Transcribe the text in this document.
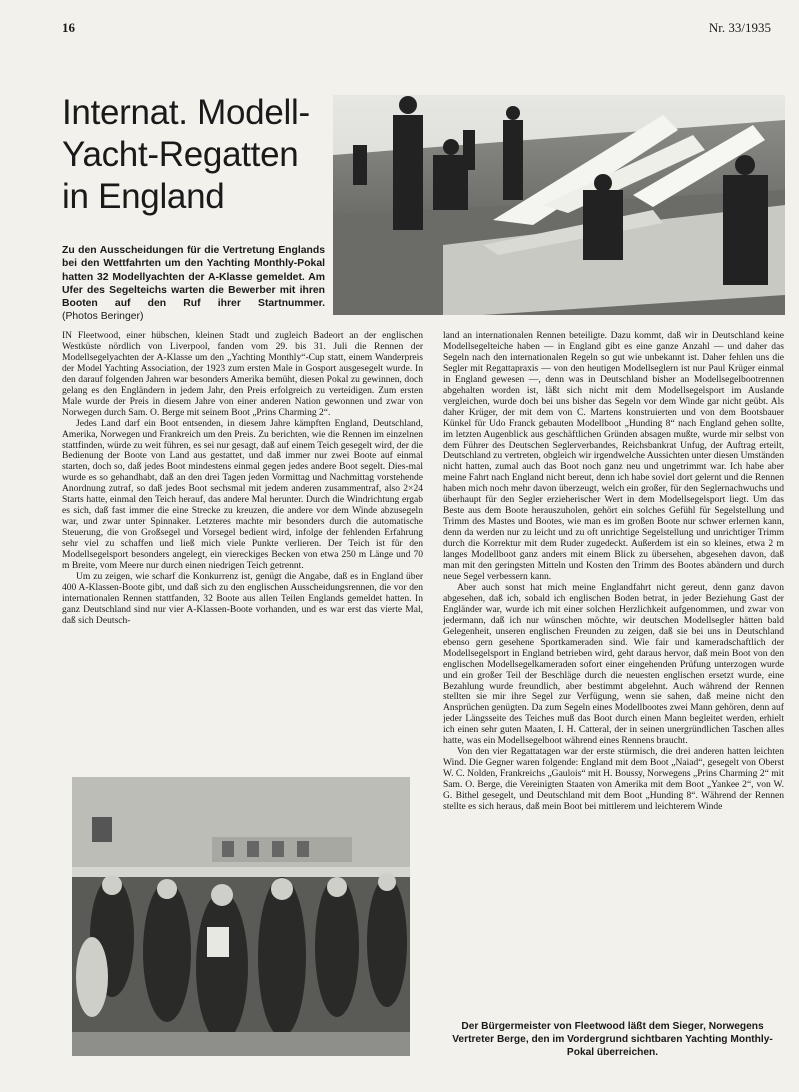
16	Nr. 33/1935
Internat. Modell-
Yacht-Regatten
in England
Zu den Ausscheidungen für die Vertretung Englands bei den Wettfahrten um den Yachting Monthly-Pokal hatten 32 Modellyachten der A-Klasse gemeldet. Am Ufer des Segelteichs warten die Bewerber mit ihren Booten auf den Ruf ihrer Startnummer. (Photos Beringer)

IN Fleetwood, einer hübschen, kleinen Stadt und zugleich Badeort an der englischen Westküste nördlich von Liverpool, fanden vom 29. bis 31. Juli die Rennen der Modellsegelyachten der A-Klasse um den „Yachting Monthly“-Cup statt, einem Wanderpreis der Model Yachting Association, der 1923 zum ersten Male in Gosport ausgesegelt wurde. In den darauf folgenden Jahren war besonders Amerika bemüht, diesen Pokal zu gewinnen, doch gelang es den Engländern in jedem Jahr, den Preis erfolgreich zu verteidigen. Zum ersten Male wurde der Preis in diesem Jahre von einer anderen Nation gewonnen und zwar von Norwegen durch Sam. O. Berge mit seinem Boot „Prins Charming 2“.

Jedes Land darf ein Boot entsenden, in diesem Jahre kämpften England, Deutschland, Amerika, Norwegen und Frankreich um den Preis. Zu berichten, wie die Rennen im einzelnen stattfinden, würde zu weit führen, es sei nur gesagt, daß auf einem Teich gesegelt wird, der die Bedienung der Boote von Land aus gestattet, und daß immer nur zwei Boote auf einmal starten, doch so, daß jedes Boot mindestens einmal gegen jedes andere Boot segelt. Dies-mal wurde es so gehandhabt, daß an den drei Tagen jeden Vormittag und Nachmittag vorstehende Anordnung zutraf, so daß jedes Boot sechsmal mit jedem anderen zusammentraf, also 2×24 Starts hatte, einmal den Teich herauf, das andere Mal herunter. Durch die Windrichtung ergab es sich, daß fast immer die eine Strecke zu kreuzen, die andere vor dem Winde abzusegeln war, und zwar unter Spinnaker. Letzteres machte mir besonders durch die automatische Steuerung, die von Großsegel und Vorsegel bedient wird, infolge der fehlenden Erfahrung sehr viel zu schaffen und ließ mich viele Punkte verlieren. Der Teich ist für den Modellsegelsport besonders angelegt, ein viereckiges Becken von etwa 250 m Länge und 70 m Breite, vom Meere nur durch einen niedrigen Teich getrennt.

Um zu zeigen, wie scharf die Konkurrenz ist, genügt die Angabe, daß es in England über 400 A-Klassen-Boote gibt, und daß sich zu den englischen Ausscheidungsrennen, die vor den internationalen Rennen stattfanden, 32 Boote aus allen Teilen Englands gemeldet hatten. In ganz Deutschland sind nur vier A-Klassen-Boote vorhanden, und es war erst das vierte Mal, daß sich Deutsch-

land an internationalen Rennen beteiligte. Dazu kommt, daß wir in Deutschland keine Modellsegelteiche haben — in England gibt es eine ganze Anzahl — und daher das Segeln nach den internationalen Regeln so gut wie unbekannt ist. Daher fehlen uns die Segler mit Regattapraxis — von den heutigen Modellseglern ist nur Paul Krüger einmal in England gewesen —, denn was in Deutschland bisher an Modellsegelbootrennen abgehalten worden ist, läßt sich nicht mit dem Modellsegelsport im Auslande vergleichen, wurde doch bei uns bisher das Segeln vor dem Winde gar nicht geübt. Als daher Krüger, der mit dem von C. Martens konstruierten und von dem Bootsbauer Künkel für Udo Franck gebauten Modellboot „Hunding 8“ nach England gehen sollte, im letzten Augenblick aus geschäftlichen Gründen absagen mußte, wurde mir selbst von dem Führer des Deutschen Seglerverbandes, Reichsbankrat Unfug, der Auftrag erteilt, Deutschland zu vertreten, obgleich wir irgendwelche Aussichten unter diesen Umständen nicht hatten, zumal auch das Boot noch ganz neu und ungetrimmt war. Ich habe aber meine Fahrt nach England nicht bereut, denn ich habe soviel dort gelernt und die Rennen haben mich noch mehr davon überzeugt, welch ein großer, für den Seglernachwuchs und überhaupt für den Segler erzieherischer Wert in dem Modellsegelsport liegt. Um das Beste aus dem Boote herauszuholen, gehört ein solches Gefühl für Segelstellung und Trimm des Mastes und Bootes, wie man es im großen Boote nur schwer erlernen kann, denn da werden nur zu leicht und zu oft unrichtige Segelstellung und unrichtiger Trimm durch die Korrektur mit dem Ruder zugedeckt. Außerdem ist ein so kleines, etwa 2 m langes Modellboot ganz anders mit einem Blick zu übersehen, abgesehen davon, daß man mit den geringsten Mitteln und Kosten den Trimm des Bootes abändern und durch neue Segel verbessern kann.

Aber auch sonst hat mich meine Englandfahrt nicht gereut, denn ganz davon abgesehen, daß ich, sobald ich englischen Boden betrat, in jeder Beziehung Gast der Engländer war, wurde ich mit einer solchen Herzlichkeit aufgenommen, und zwar von jedermann, daß ich nur wünschen möchte, wir deutschen Modellsegler hätten bald Gelegenheit, unseren englischen Freunden zu zeigen, daß sie bei uns in Deutschland ebenso gern gesehene Sportkameraden sind. Wie fair und kameradschaftlich der Modellsegelsport in England betrieben wird, geht daraus hervor, daß mein Boot von den englischen Modellsegelkameraden sofort einer eingehenden Prüfung unterzogen wurde und ein großer Teil der Beschläge durch die neuesten englischen ersetzt wurde, eine Bezahlung wurde freundlich, aber bestimmt abgelehnt. Auch während der Rennen stellten sie mir ihre Segel zur Verfügung, wenn sie sahen, daß meine nicht den Ansprüchen genügten. Da zum Segeln eines Modellbootes zwei Mann gehören, denn auf jeder Längsseite des Teiches muß das Boot durch einen Mann begleitet werden, erhielt ich einen sehr guten Maaten, I. H. Catteral, der in seinen unergründlichen Taschen alles hatte, was ein Modellsegelboot während eines Rennens braucht.

Von den vier Regattatagen war der erste stürmisch, die drei anderen hatten leichten Wind. Die Gegner waren folgende: England mit dem Boot „Naiad“, gesegelt von Oberst W. C. Nolden, Frankreichs „Gaulois“ mit H. Boussy, Norwegens „Prins Charming 2“ mit Sam. O. Berge, die Vereinigten Staaten von Amerika mit dem Boot „Yankee 2“, von W. G. Bithel gesegelt, und Deutschland mit dem Boot „Hunding 8“. Während der Rennen stellte es sich heraus, daß mein Boot bei mittlerem und leichterem Winde

Der Bürgermeister von Fleetwood läßt dem Sieger, Norwegens Vertreter Berge, den im Vordergrund sichtbaren Yachting Monthly-Pokal überreichen.
